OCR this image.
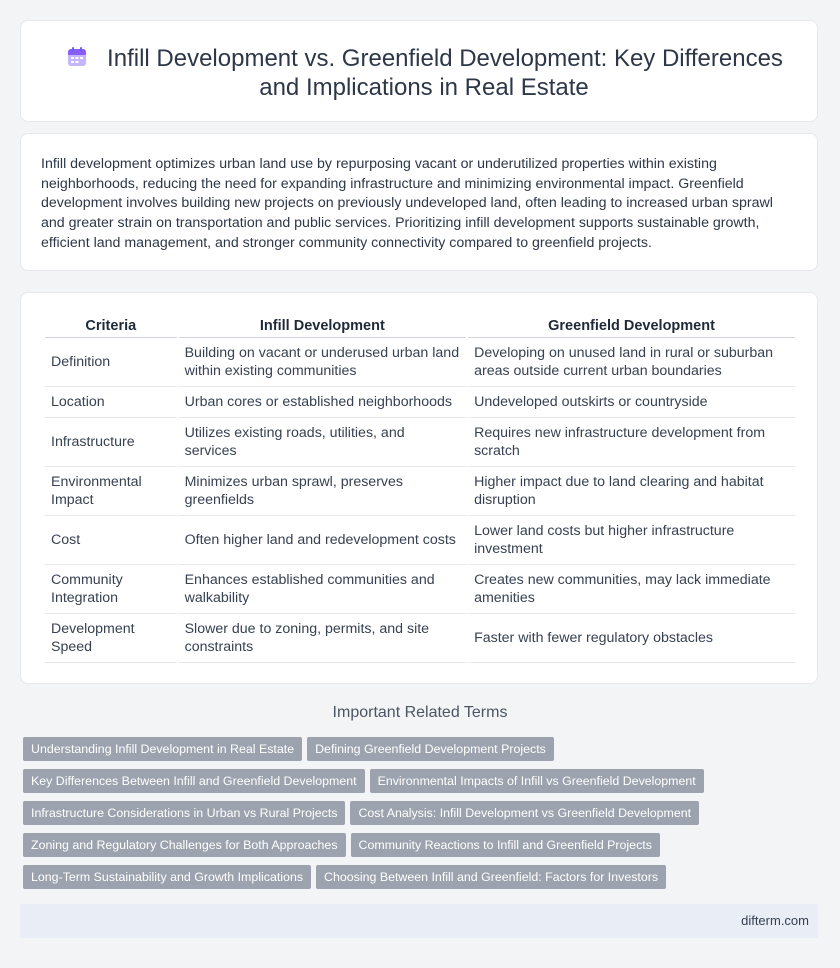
Infill Development vs. Greenfield Development: Key Differences and Implications in Real Estate
Infill development optimizes urban land use by repurposing vacant or underutilized properties within existing neighborhoods, reducing the need for expanding infrastructure and minimizing environmental impact. Greenfield development involves building new projects on previously undeveloped land, often leading to increased urban sprawl and greater strain on transportation and public services. Prioritizing infill development supports sustainable growth, efficient land management, and stronger community connectivity compared to greenfield projects.
Criteria	Infill Development	Greenfield Development
Definition	Building on vacant or underused urban land within existing communities	Developing on unused land in rural or suburban areas outside current urban boundaries
Location	Urban cores or established neighborhoods	Undeveloped outskirts or countryside
Infrastructure	Utilizes existing roads, utilities, and services	Requires new infrastructure development from scratch
Environmental Impact	Minimizes urban sprawl, preserves greenfields	Higher impact due to land clearing and habitat disruption
Cost	Often higher land and redevelopment costs	Lower land costs but higher infrastructure investment
Community Integration	Enhances established communities and walkability	Creates new communities, may lack immediate amenities
Development Speed	Slower due to zoning, permits, and site constraints	Faster with fewer regulatory obstacles
Important Related Terms
Understanding Infill Development in Real Estate Defining Greenfield Development Projects
Key Differences Between Infill and Greenfield Development Environmental Impacts of Infill vs Greenfield Development
Infrastructure Considerations in Urban vs Rural Projects Cost Analysis: Infill Development vs Greenfield Development
Zoning and Regulatory Challenges for Both Approaches Community Reactions to Infill and Greenfield Projects
Long-Term Sustainability and Growth Implications Choosing Between Infill and Greenfield: Factors for Investors
difterm.com
